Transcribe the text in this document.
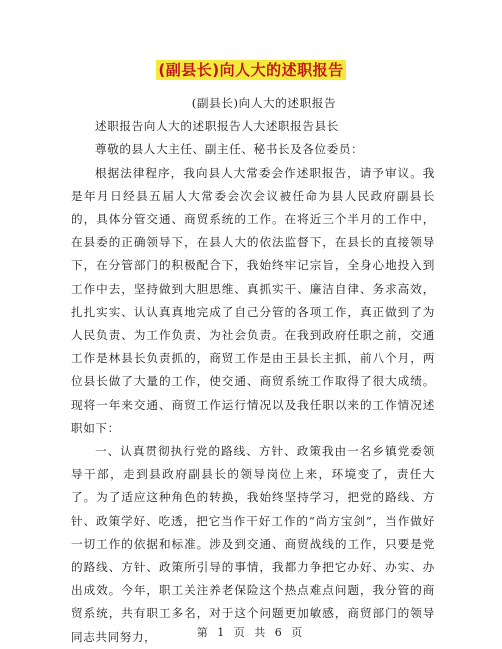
(副县长)向人大的述职报告

(副县长)向人大的述职报告

述职报告向人大的述职报告人大述职报告县长

尊敬的县人大主任、副主任、秘书长及各位委员：

根据法律程序，我向县人大常委会作述职报告，请予审议。我是年月日经县五届人大常委会次会议被任命为县人民政府副县长的，具体分管交通、商贸系统的工作。在将近三个半月的工作中，在县委的正确领导下，在县人大的依法监督下，在县长的直接领导下，在分管部门的积极配合下，我始终牢记宗旨，全身心地投入到工作中去，坚持做到大胆思维、真抓实干、廉洁自律、务求高效，扎扎实实、认认真真地完成了自己分管的各项工作，真正做到了为人民负责、为工作负责、为社会负责。在我到政府任职之前，交通工作是林县长负责抓的，商贸工作是由王县长主抓，前八个月，两位县长做了大量的工作，使交通、商贸系统工作取得了很大成绩。现将一年来交通、商贸工作运行情况以及我任职以来的工作情况述职如下：

一、认真贯彻执行党的路线、方针、政策我由一名乡镇党委领导干部，走到县政府副县长的领导岗位上来，环境变了，责任大了。为了适应这种角色的转换，我始终坚持学习，把党的路线、方针、政策学好、吃透，把它当作干好工作的“尚方宝剑”，当作做好一切工作的依据和标准。涉及到交通、商贸战线的工作，只要是党的路线、方针、政策所引导的事情，我都力争把它办好、办实、办出成效。今年，职工关注养老保险这个热点难点问题，我分管的商贸系统，共有职工多名，对于这个问题更加敏感，商贸部门的领导同志共同努力，	第 1 页 共 6 页
